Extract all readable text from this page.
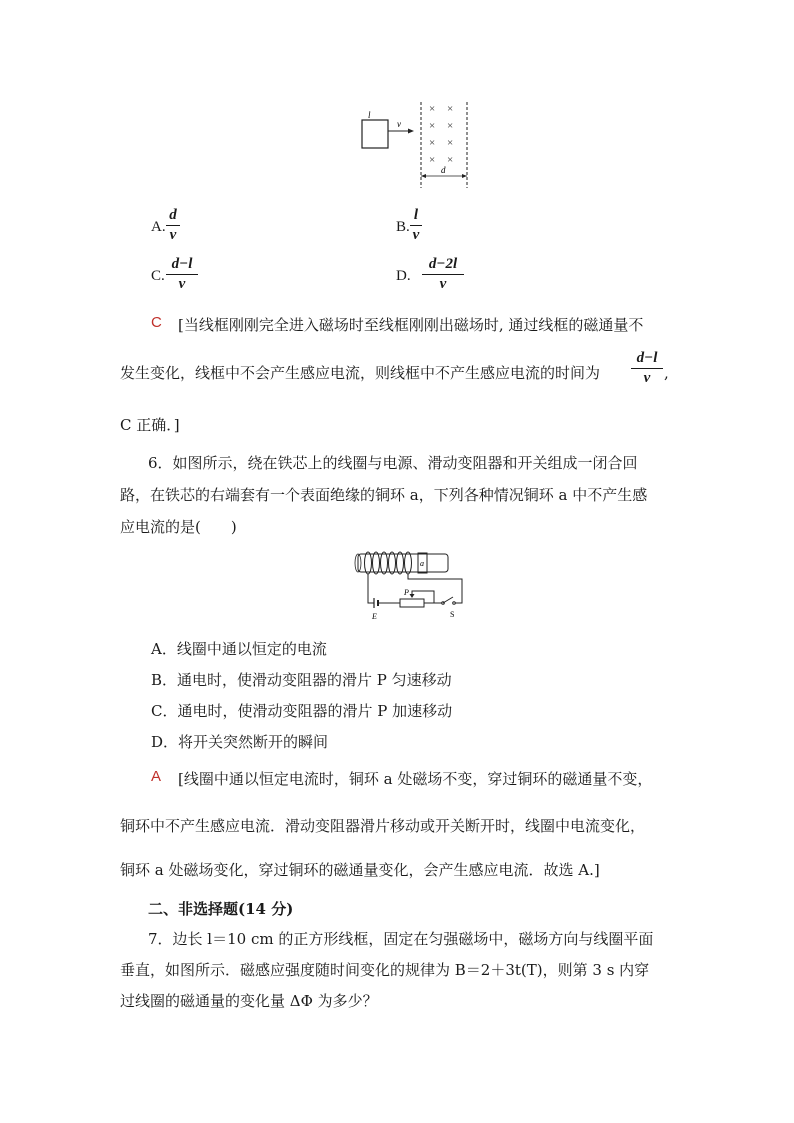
l
v
× ×
× ×
× ×
× ×
d
A.
d
v	B.
l
v
C.
d−l
v	D.
d−2l
v
C [当线框刚刚完全进入磁场时至线框刚刚出磁场时, 通过线框的磁通量不
发生变化，线框中不会产生感应电流，则线框中不产生感应电流的时间为
d−l
v ,
C 正确．]
6．如图所示，绕在铁芯上的线圈与电源、滑动变阻器和开关组成一闭合回
路，在铁芯的右端套有一个表面绝缘的铜环 a，下列各种情况铜环 a 中不产生感
应电流的是(　　)
a
E
P
S
A．线圈中通以恒定的电流
B．通电时，使滑动变阻器的滑片 P 匀速移动
C．通电时，使滑动变阻器的滑片 P 加速移动
D．将开关突然断开的瞬间
A [线圈中通以恒定电流时，铜环 a 处磁场不变，穿过铜环的磁通量不变，
铜环中不产生感应电流．滑动变阻器滑片移动或开关断开时，线圈中电流变化，
铜环 a 处磁场变化，穿过铜环的磁通量变化，会产生感应电流．故选 A.]
二、非选择题(14 分)
7．边长 l＝10 cm 的正方形线框，固定在匀强磁场中，磁场方向与线圈平面
垂直，如图所示．磁感应强度随时间变化的规律为 B＝2＋3t(T)，则第 3 s 内穿
过线圈的磁通量的变化量 ΔΦ 为多少？
